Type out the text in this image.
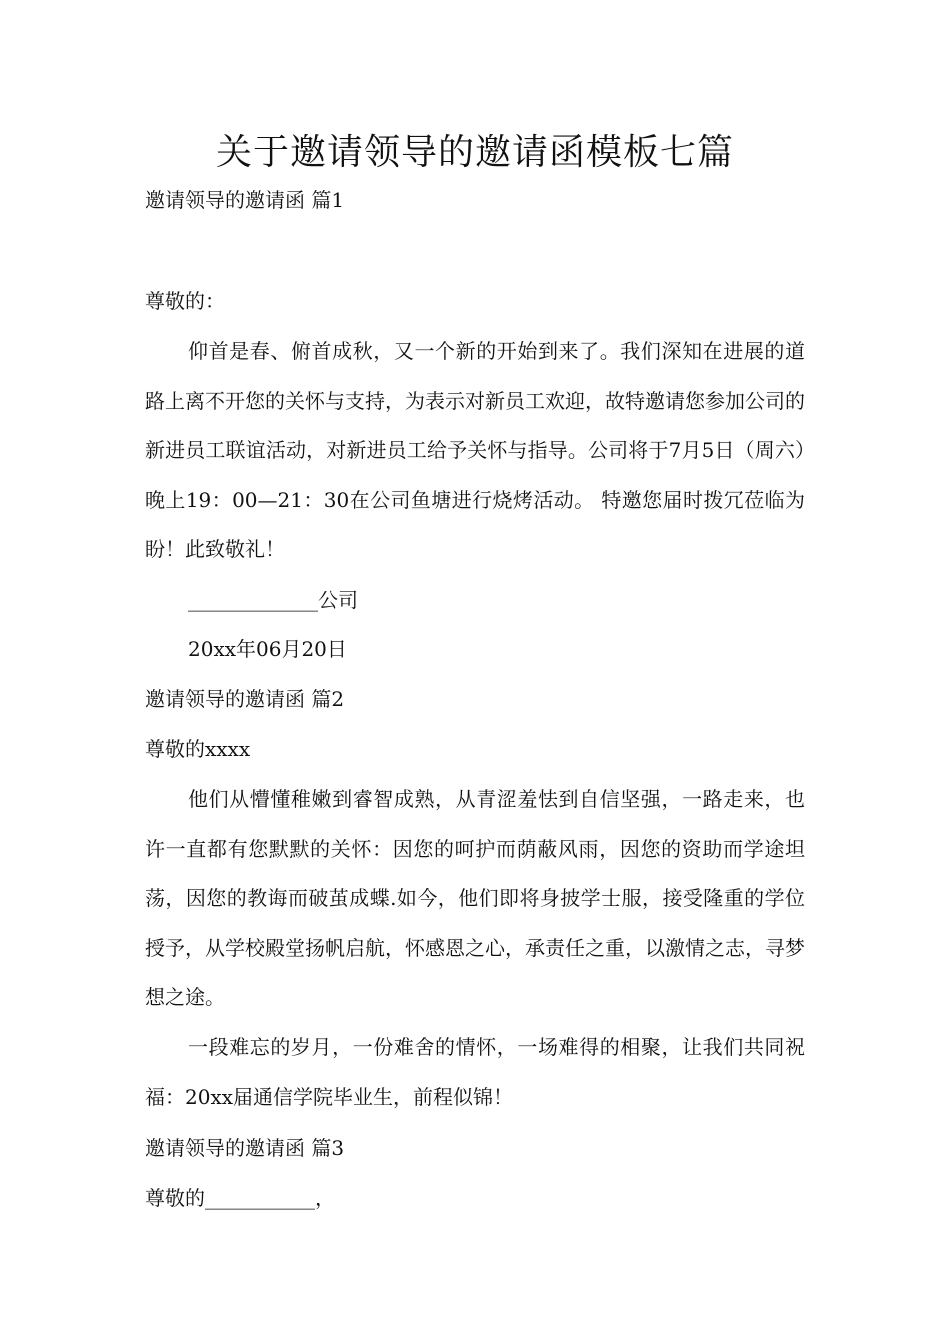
关于邀请领导的邀请函模板七篇
邀请领导的邀请函 篇1
尊敬的：
仰首是春、俯首成秋，又一个新的开始到来了。我们深知在进展的道路上离不开您的关怀与支持，为表示对新员工欢迎，故特邀请您参加公司的新进员工联谊活动，对新进员工给予关怀与指导。公司将于7月5日（周六）晚上19：00—21：30在公司鱼塘进行烧烤活动。 特邀您届时拨冗莅临为盼！此致敬礼！
_____________公司
20xx年06月20日
邀请领导的邀请函 篇2
尊敬的xxxx
他们从懵懂稚嫩到睿智成熟，从青涩羞怯到自信坚强，一路走来，也许一直都有您默默的关怀：因您的呵护而荫蔽风雨，因您的资助而学途坦荡，因您的教诲而破茧成蝶.如今，他们即将身披学士服，接受隆重的学位授予，从学校殿堂扬帆启航，怀感恩之心，承责任之重，以激情之志，寻梦想之途。
一段难忘的岁月，一份难舍的情怀，一场难得的相聚，让我们共同祝福：20xx届通信学院毕业生，前程似锦！
邀请领导的邀请函 篇3
尊敬的___________，
